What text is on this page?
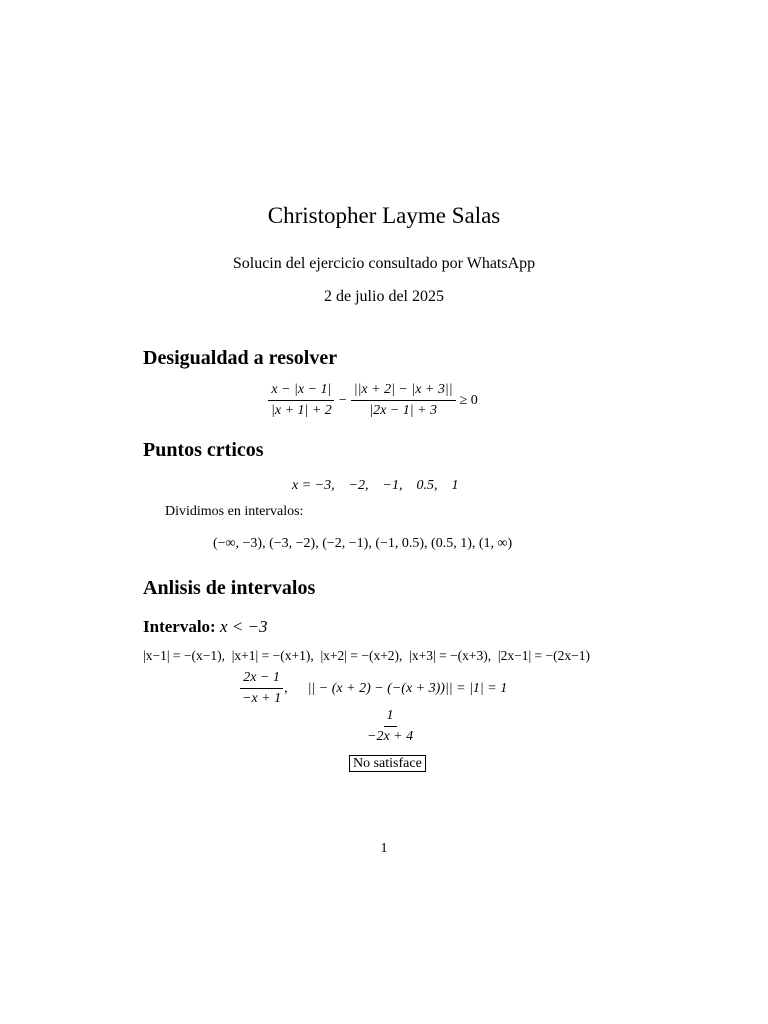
Christopher Layme Salas
Solucin del ejercicio consultado por WhatsApp
2 de julio del 2025
Desigualdad a resolver
$\frac{x - |x - 1|}{|x + 1| + 2} - \frac{||x + 2| - |x + 3||}{|2x - 1| + 3} \ge 0$
Puntos crticos
x = −3,    −2,    −1,    0.5,    1
Dividimos en intervalos:
(−∞, −3), (−3, −2), (−2, −1), (−1, 0.5), (0.5, 1), (1, ∞)
Anlisis de intervalos
Intervalo: x < −3
|x−1| = −(x−1),  |x+1| = −(x+1),  |x+2| = −(x+2),  |x+3| = −(x+3),  |2x−1| = −(2x−1)
$\frac{2x - 1}{-x + 1}$ , || − (x + 2) − (−(x + 3))|| = |1| = 1
$\frac{1}{-2x + 4}$
No satisface
1
